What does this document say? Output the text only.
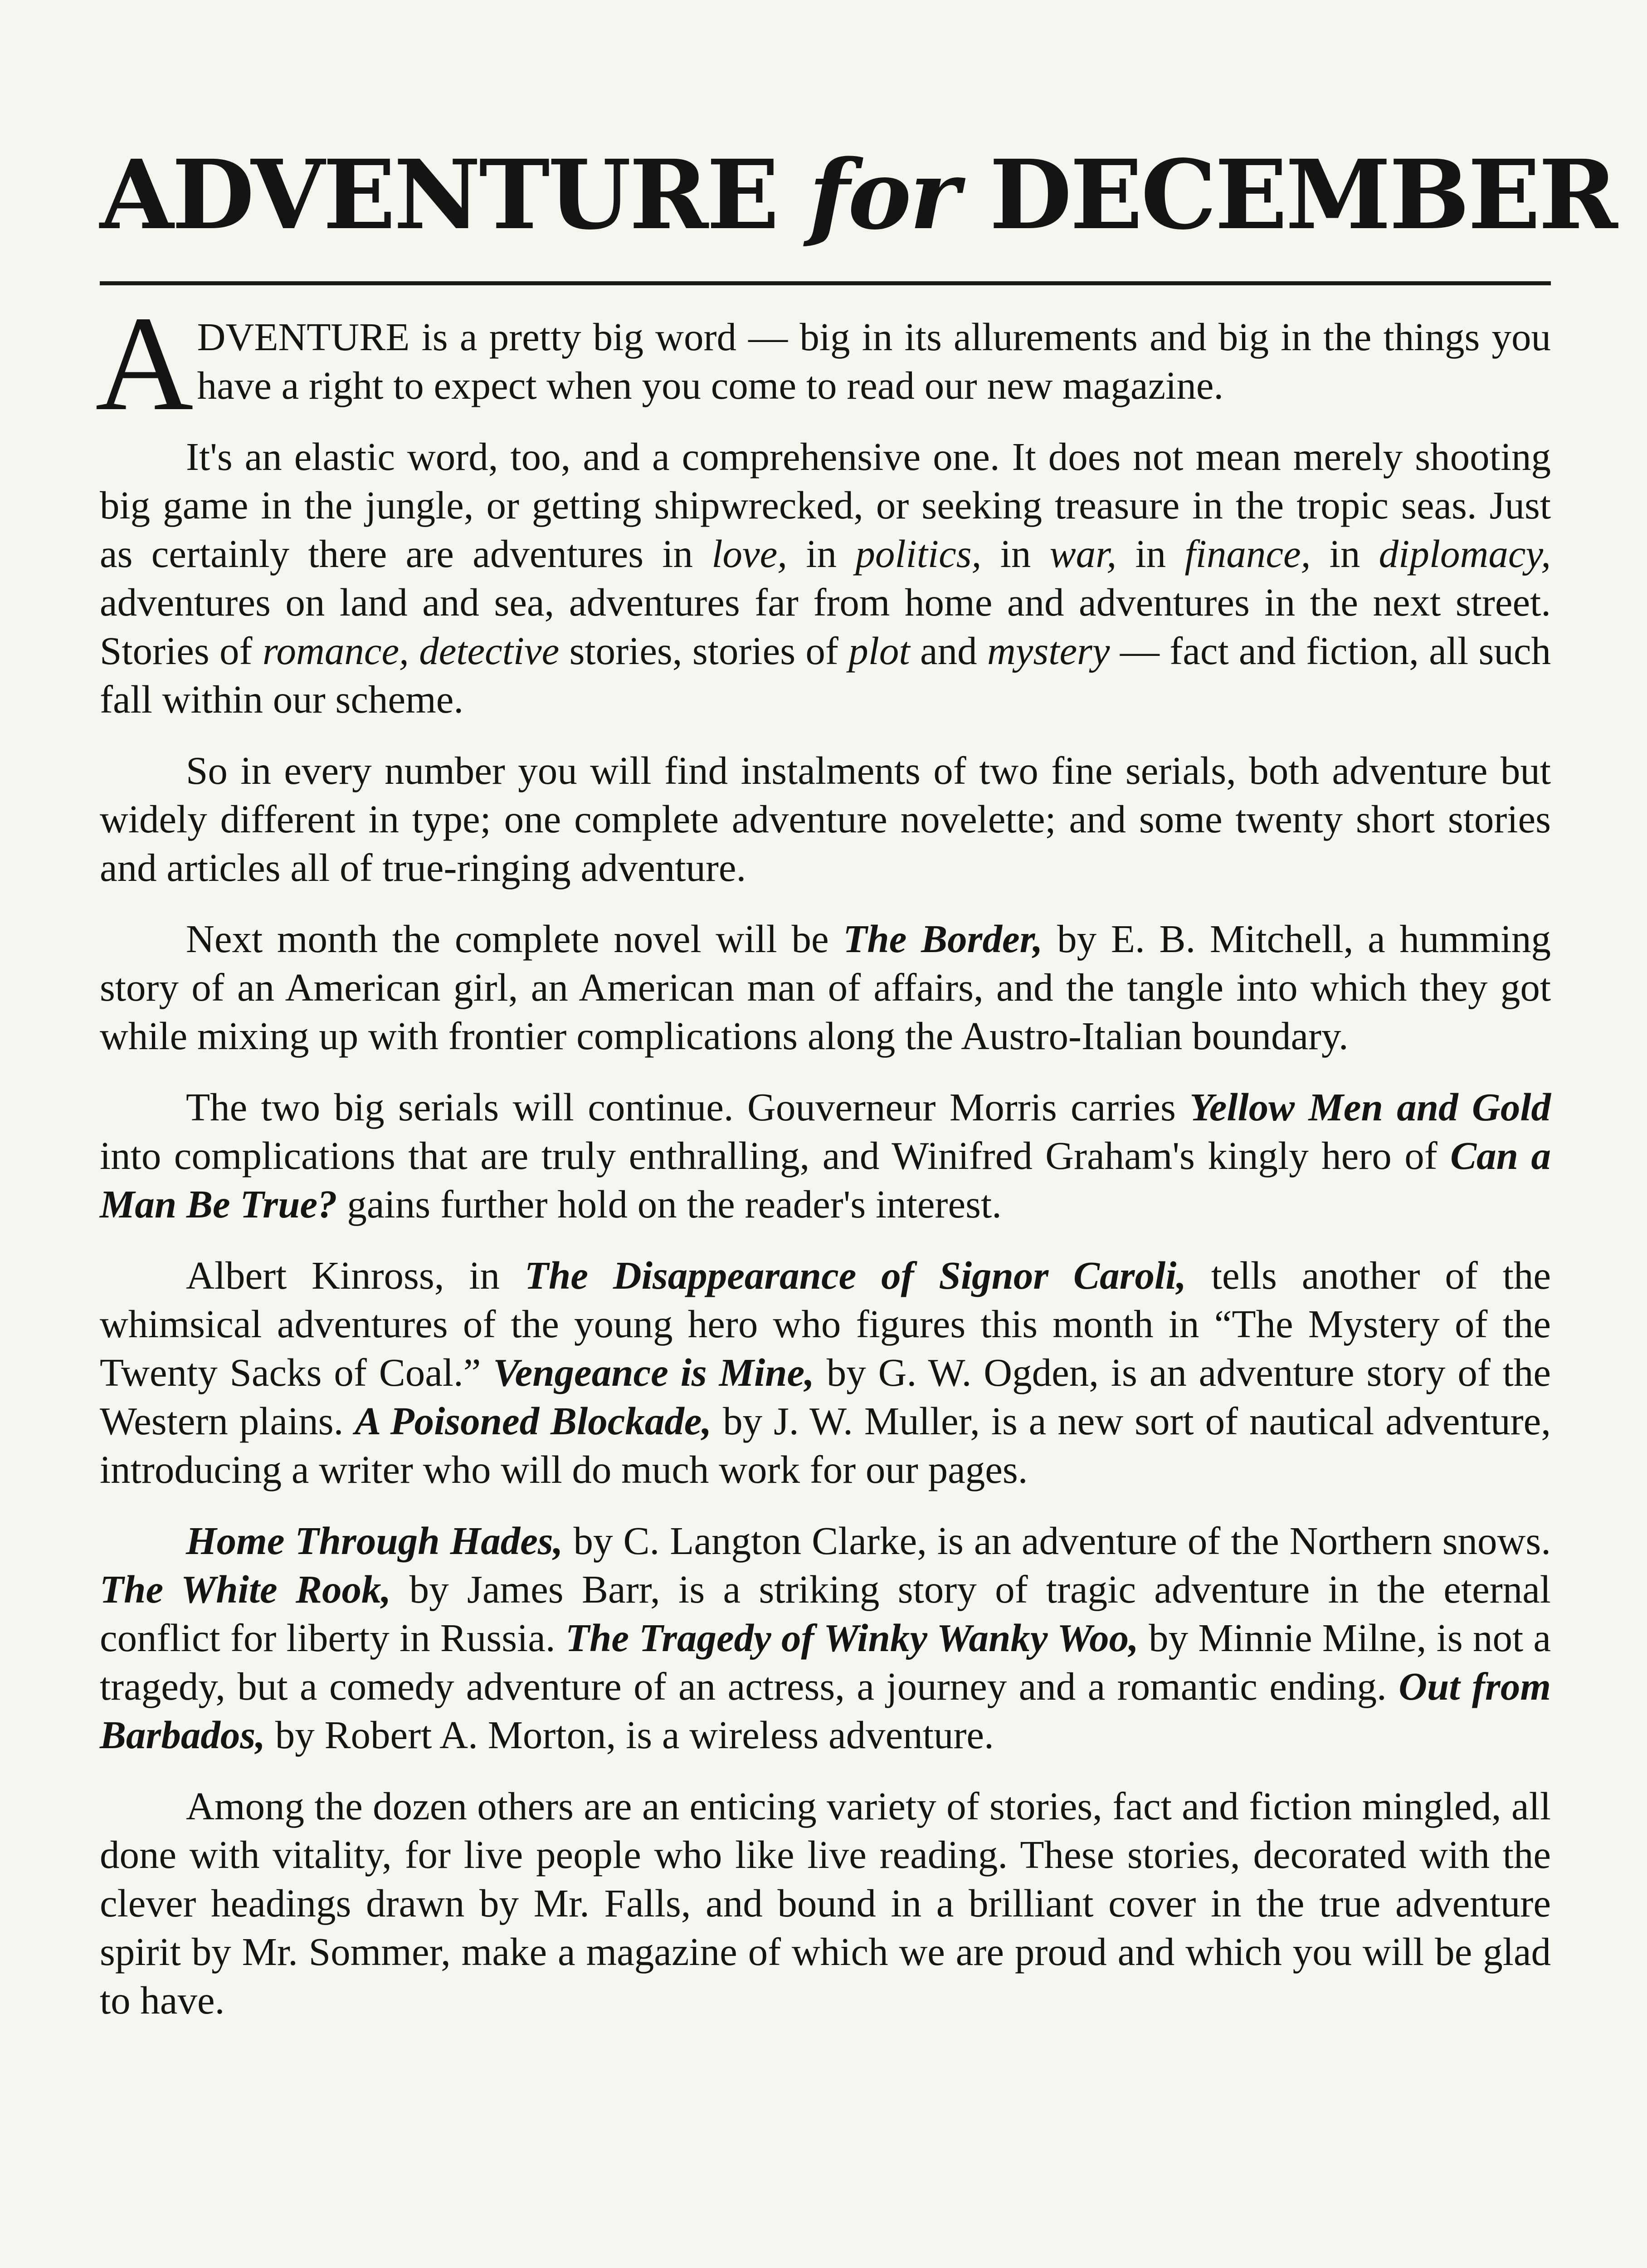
ADVENTURE for DECEMBER

ADVENTURE is a pretty big word — big in its allurements and big in the things you have a right to expect when you come to read our new magazine.

It's an elastic word, too, and a comprehensive one. It does not mean merely shooting big game in the jungle, or getting shipwrecked, or seeking treasure in the tropic seas. Just as certainly there are adventures in love, in politics, in war, in finance, in diplomacy, adventures on land and sea, adventures far from home and adventures in the next street. Stories of romance, detective stories, stories of plot and mystery — fact and fiction, all such fall within our scheme.

So in every number you will find instalments of two fine serials, both adventure but widely different in type; one complete adventure novelette; and some twenty short stories and articles all of true-ringing adventure.

Next month the complete novel will be The Border, by E. B. Mitchell, a humming story of an American girl, an American man of affairs, and the tangle into which they got while mixing up with frontier complications along the Austro-Italian boundary.

The two big serials will continue. Gouverneur Morris carries Yellow Men and Gold into complications that are truly enthralling, and Winifred Graham's kingly hero of Can a Man Be True? gains further hold on the reader's interest.

Albert Kinross, in The Disappearance of Signor Caroli, tells another of the whimsical adventures of the young hero who figures this month in “The Mystery of the Twenty Sacks of Coal.” Vengeance is Mine, by G. W. Ogden, is an adventure story of the Western plains. A Poisoned Blockade, by J. W. Muller, is a new sort of nautical adventure, introducing a writer who will do much work for our pages.

Home Through Hades, by C. Langton Clarke, is an adventure of the Northern snows. The White Rook, by James Barr, is a striking story of tragic adventure in the eternal conflict for liberty in Russia. The Tragedy of Winky Wanky Woo, by Minnie Milne, is not a tragedy, but a comedy adventure of an actress, a journey and a romantic ending. Out from Barbados, by Robert A. Morton, is a wireless adventure.

Among the dozen others are an enticing variety of stories, fact and fiction mingled, all done with vitality, for live people who like live reading. These stories, decorated with the clever headings drawn by Mr. Falls, and bound in a brilliant cover in the true adventure spirit by Mr. Sommer, make a magazine of which we are proud and which you will be glad to have.
